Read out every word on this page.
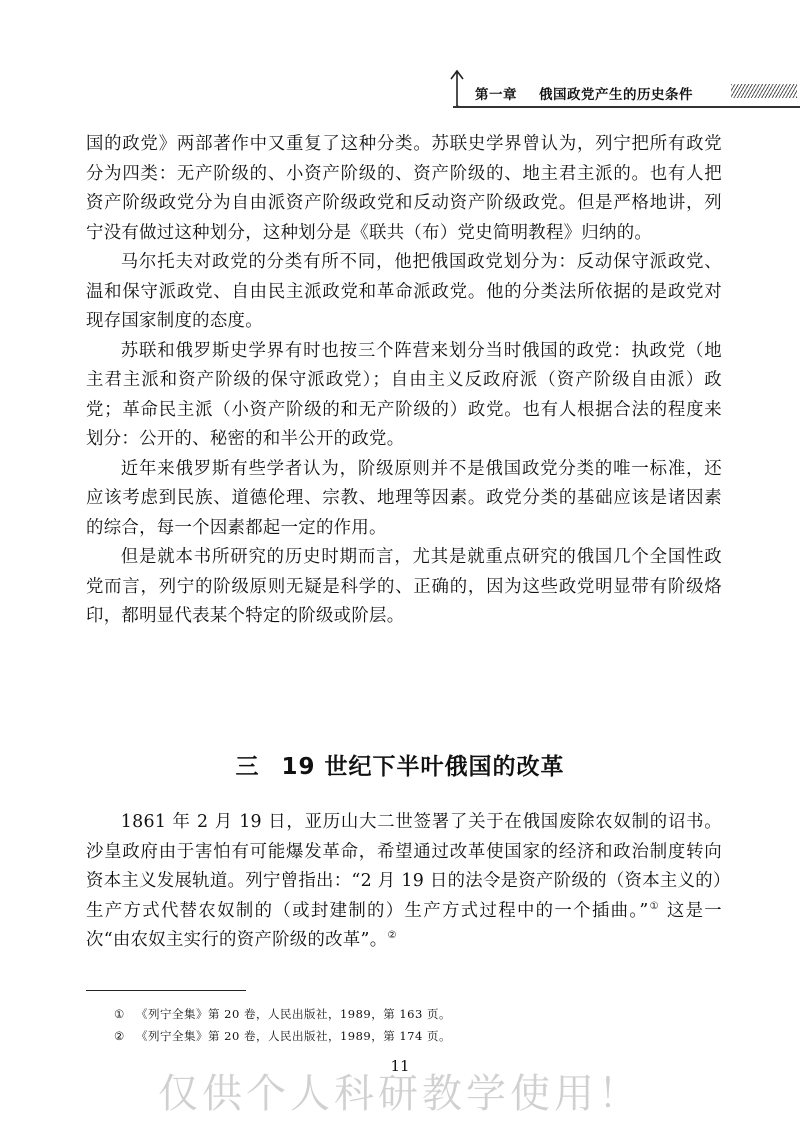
第一章 俄国政党产生的历史条件

国的政党》两部著作中又重复了这种分类。苏联史学界曾认为，列宁把所有政党分为四类：无产阶级的、小资产阶级的、资产阶级的、地主君主派的。也有人把资产阶级政党分为自由派资产阶级政党和反动资产阶级政党。但是严格地讲，列宁没有做过这种划分，这种划分是《联共（布）党史简明教程》归纳的。

马尔托夫对政党的分类有所不同，他把俄国政党划分为：反动保守派政党、温和保守派政党、自由民主派政党和革命派政党。他的分类法所依据的是政党对现存国家制度的态度。

苏联和俄罗斯史学界有时也按三个阵营来划分当时俄国的政党：执政党（地主君主派和资产阶级的保守派政党）；自由主义反政府派（资产阶级自由派）政党；革命民主派（小资产阶级的和无产阶级的）政党。也有人根据合法的程度来划分：公开的、秘密的和半公开的政党。

近年来俄罗斯有些学者认为，阶级原则并不是俄国政党分类的唯一标准，还应该考虑到民族、道德伦理、宗教、地理等因素。政党分类的基础应该是诸因素的综合，每一个因素都起一定的作用。

但是就本书所研究的历史时期而言，尤其是就重点研究的俄国几个全国性政党而言，列宁的阶级原则无疑是科学的、正确的，因为这些政党明显带有阶级烙印，都明显代表某个特定的阶级或阶层。

三 19 世纪下半叶俄国的改革

1861 年 2 月 19 日，亚历山大二世签署了关于在俄国废除农奴制的诏书。沙皇政府由于害怕有可能爆发革命，希望通过改革使国家的经济和政治制度转向资本主义发展轨道。列宁曾指出：“2 月 19 日的法令是资产阶级的（资本主义的）生产方式代替农奴制的（或封建制的）生产方式过程中的一个插曲。”① 这是一次“由农奴主实行的资产阶级的改革”。②

① 《列宁全集》第 20 卷，人民出版社，1989，第 163 页。
② 《列宁全集》第 20 卷，人民出版社，1989，第 174 页。
11
仅供个人科研教学使用！
